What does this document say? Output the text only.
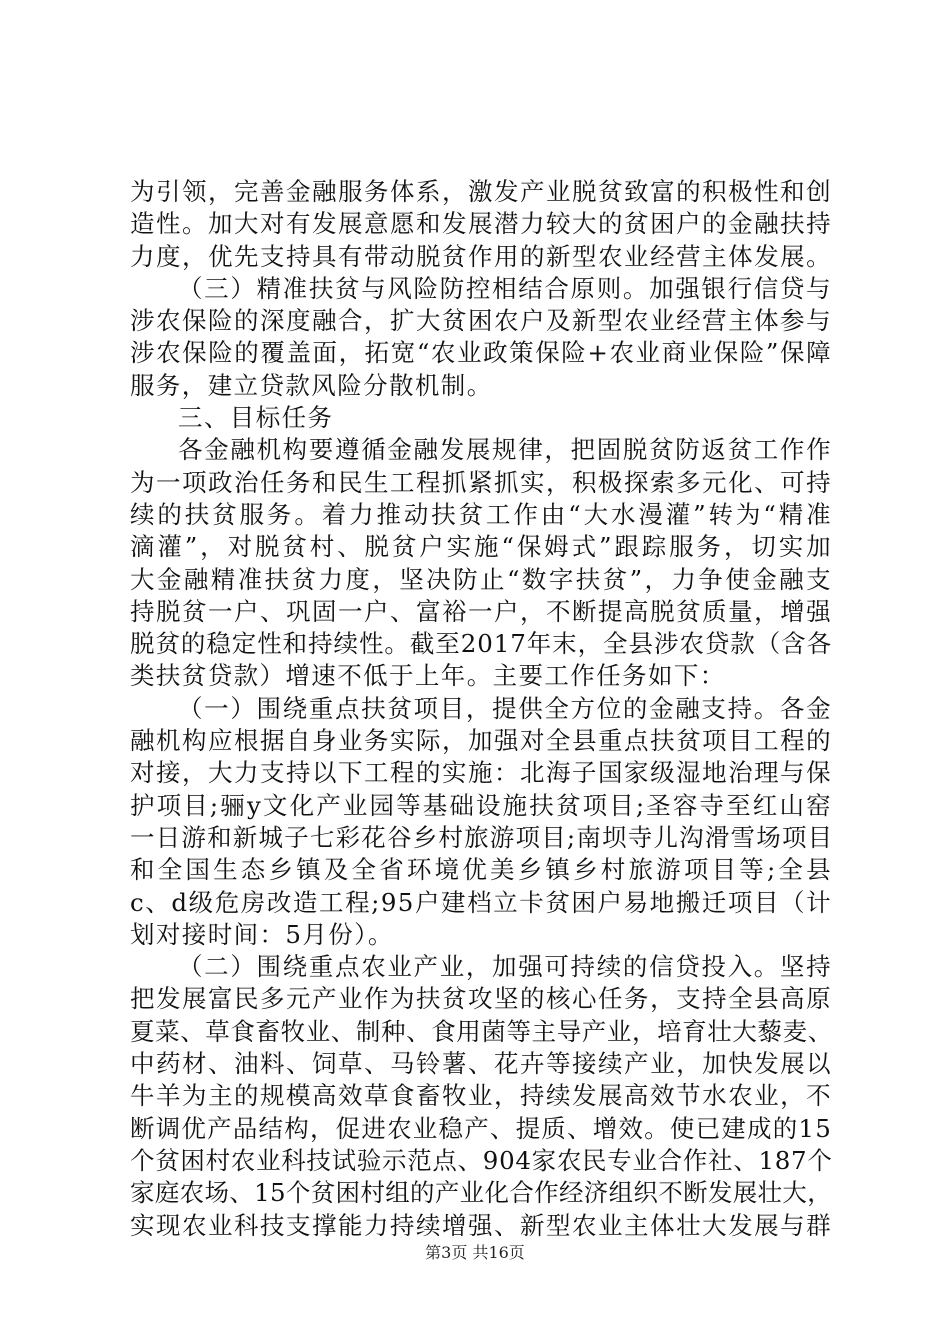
为引领，完善金融服务体系，激发产业脱贫致富的积极性和创
造性。加大对有发展意愿和发展潜力较大的贫困户的金融扶持
力度，优先支持具有带动脱贫作用的新型农业经营主体发展。
（三）精准扶贫与风险防控相结合原则。加强银行信贷与
涉农保险的深度融合，扩大贫困农户及新型农业经营主体参与
涉农保险的覆盖面，拓宽“农业政策保险+农业商业保险”保障
服务，建立贷款风险分散机制。
三、目标任务
各金融机构要遵循金融发展规律，把固脱贫防返贫工作作
为一项政治任务和民生工程抓紧抓实，积极探索多元化、可持
续的扶贫服务。着力推动扶贫工作由“大水漫灌”转为“精准
滴灌”，对脱贫村、脱贫户实施“保姆式”跟踪服务，切实加
大金融精准扶贫力度，坚决防止“数字扶贫”，力争使金融支
持脱贫一户、巩固一户、富裕一户，不断提高脱贫质量，增强
脱贫的稳定性和持续性。截至2017年末，全县涉农贷款（含各
类扶贫贷款）增速不低于上年。主要工作任务如下：
（一）围绕重点扶贫项目，提供全方位的金融支持。各金
融机构应根据自身业务实际，加强对全县重点扶贫项目工程的
对接，大力支持以下工程的实施：北海子国家级湿地治理与保
护项目;骊y文化产业园等基础设施扶贫项目;圣容寺至红山窑
一日游和新城子七彩花谷乡村旅游项目;南坝寺儿沟滑雪场项目
和全国生态乡镇及全省环境优美乡镇乡村旅游项目等;全县
c、d级危房改造工程;95户建档立卡贫困户易地搬迁项目（计
划对接时间：5月份）。
（二）围绕重点农业产业，加强可持续的信贷投入。坚持
把发展富民多元产业作为扶贫攻坚的核心任务，支持全县高原
夏菜、草食畜牧业、制种、食用菌等主导产业，培育壮大藜麦、
中药材、油料、饲草、马铃薯、花卉等接续产业，加快发展以
牛羊为主的规模高效草食畜牧业，持续发展高效节水农业，不
断调优产品结构，促进农业稳产、提质、增效。使已建成的15
个贫困村农业科技试验示范点、904家农民专业合作社、187个
家庭农场、15个贫困村组的产业化合作经济组织不断发展壮大，
实现农业科技支撑能力持续增强、新型农业主体壮大发展与群
第3页 共16页
